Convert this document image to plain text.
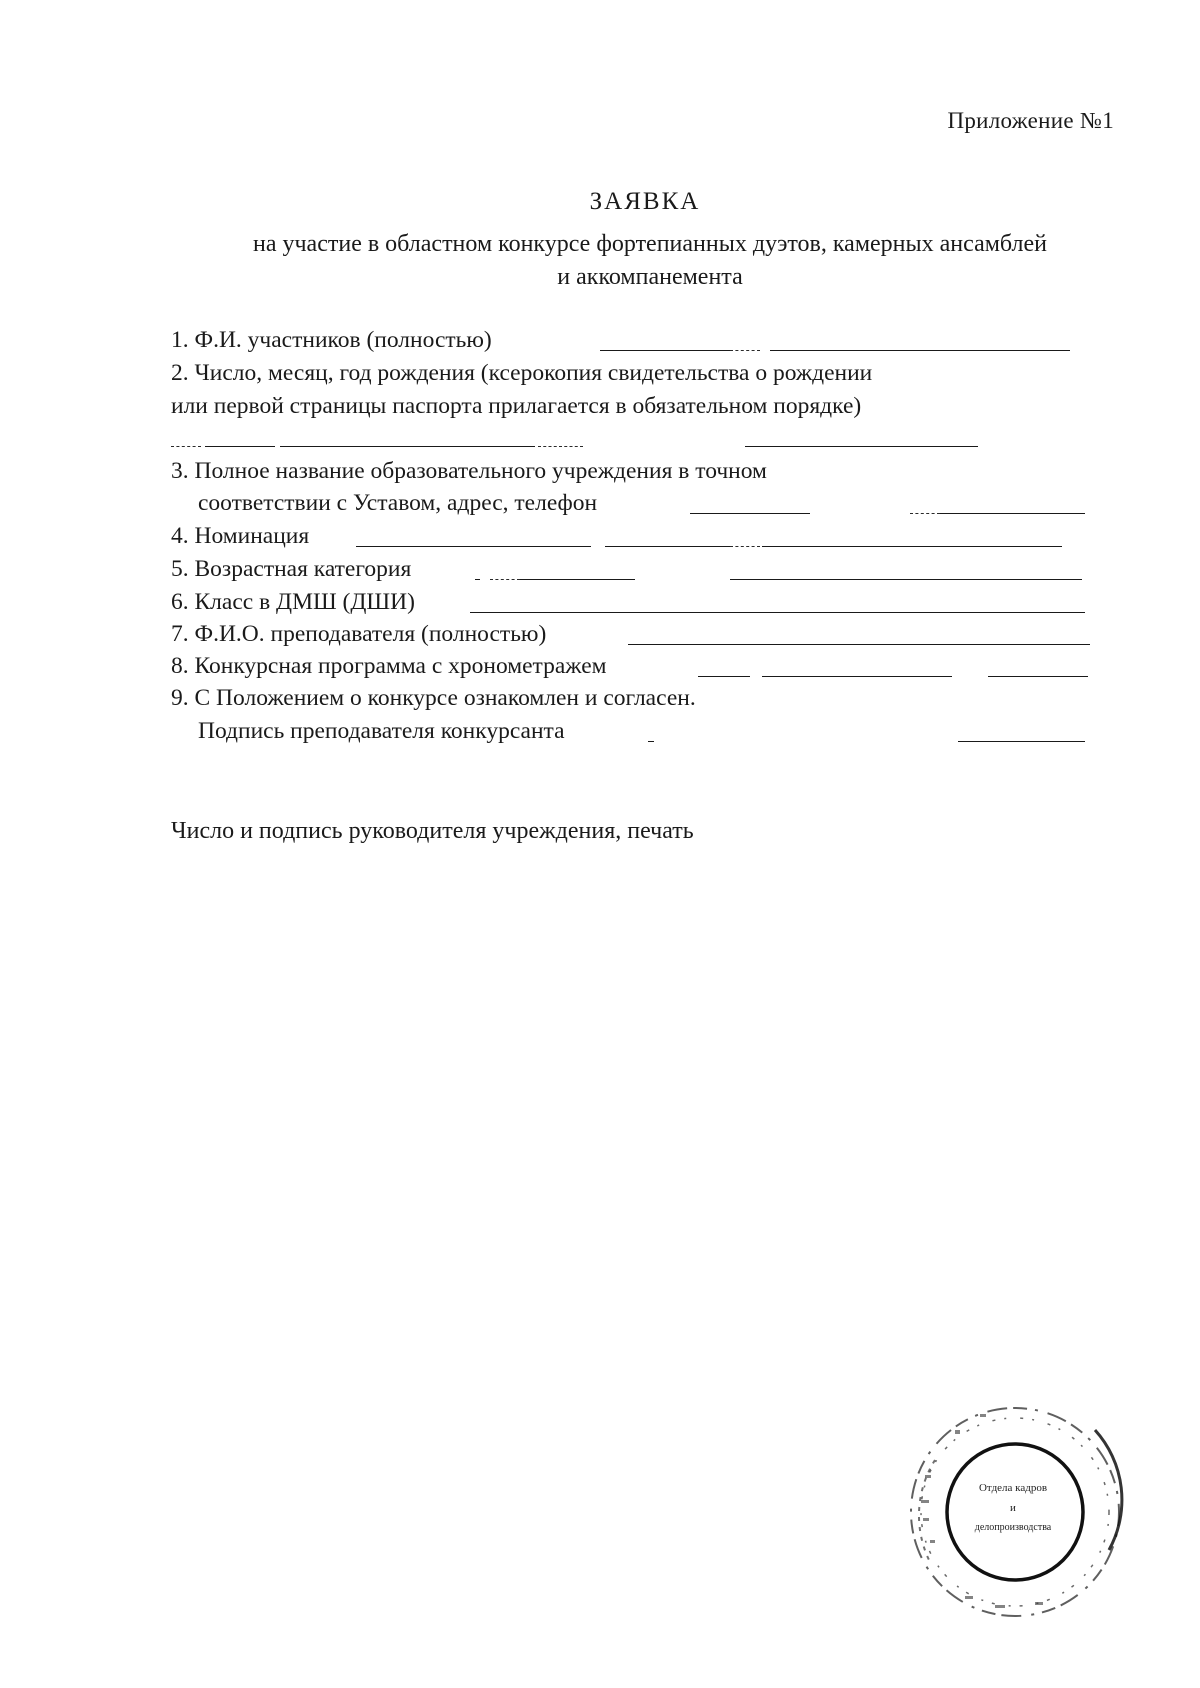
Приложение №1
ЗАЯВКА
на участие в областном конкурсе фортепианных дуэтов, камерных ансамблей
и аккомпанемента
1. Ф.И. участников (полностью)
2. Число, месяц, год рождения (ксерокопия свидетельства о рождении
или первой страницы паспорта прилагается в обязательном порядке)
3. Полное название образовательного учреждения в точном
соответствии с Уставом, адрес, телефон
4. Номинация
5. Возрастная категория
6. Класс в ДМШ (ДШИ)
7. Ф.И.О. преподавателя (полностью)
8. Конкурсная программа с хронометражем
9. С Положением о конкурсе ознакомлен и согласен.
Подпись преподавателя конкурсанта
Число и подпись руководителя учреждения, печать
Отдела кадров
и
делопроизводства
